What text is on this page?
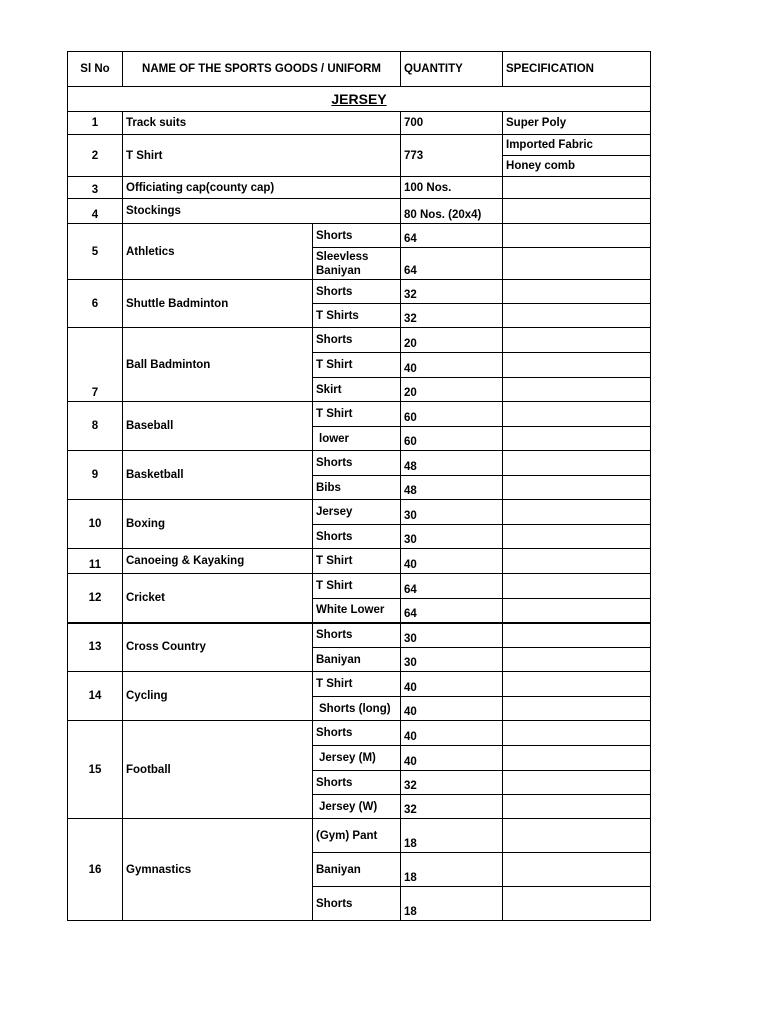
Sl No	NAME OF THE SPORTS GOODS / UNIFORM		QUANTITY	SPECIFICATION
JERSEY				
1	Track suits		700	Super Poly
2	T Shirt		773	Imported Fabric
				Honey comb
3	Officiating cap(county cap)		100 Nos.	
4	Stockings		80 Nos. (20x4)	
5	Athletics	Shorts	64	
		Sleevless Baniyan	64	
6	Shuttle Badminton	Shorts	32	
		T Shirts	32	
7	Ball Badminton	Shorts	20	
		T Shirt	40	
		Skirt	20	
8	Baseball	T Shirt	60	
		lower	60	
9	Basketball	Shorts	48	
		Bibs	48	
10	Boxing	Jersey	30	
		Shorts	30	
11	Canoeing & Kayaking	T Shirt	40	
12	Cricket	T Shirt	64	
		White Lower	64	
13	Cross Country	Shorts	30	
		Baniyan	30	
14	Cycling	T Shirt	40	
		Shorts (long)	40	
15	Football	Shorts	40	
		Jersey (M)	40	
		Shorts	32	
		Jersey (W)	32	
16	Gymnastics	(Gym) Pant	18	
		Baniyan	18	
		Shorts	18	
